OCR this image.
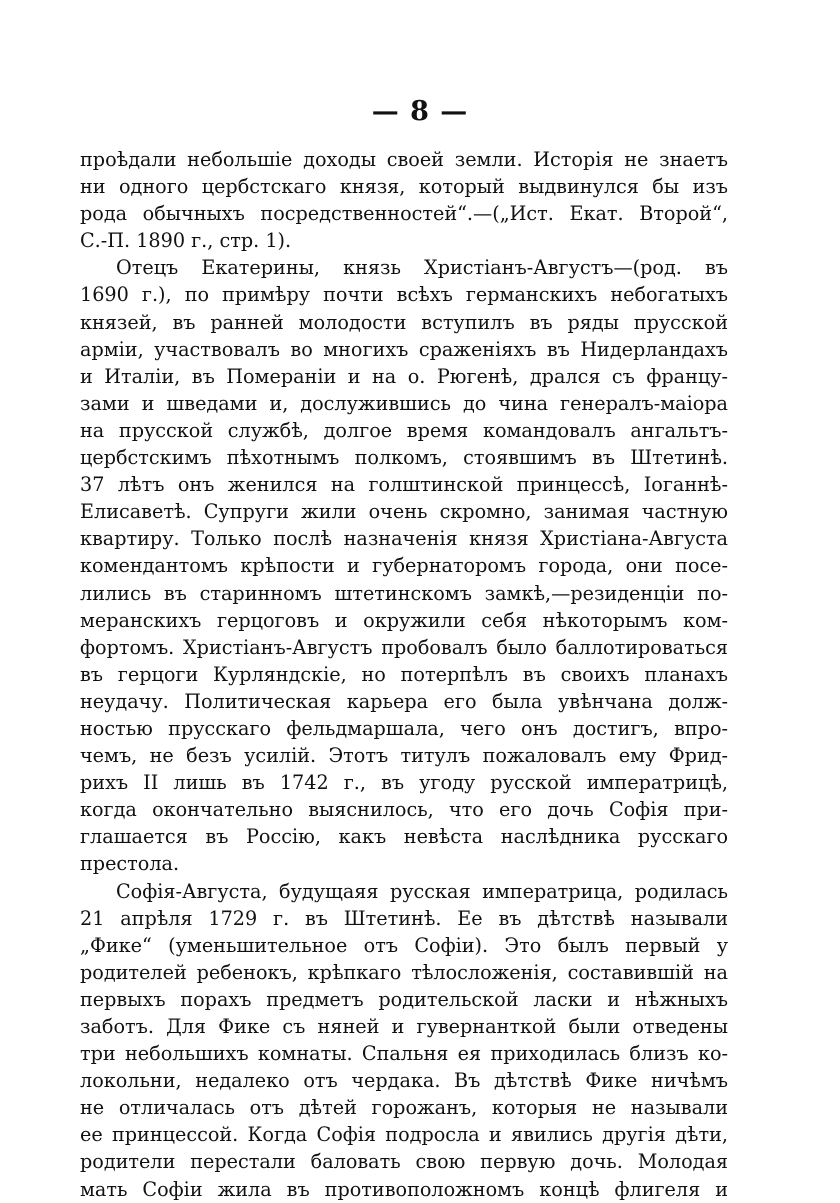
— 8 —
проѣдали небольшіе доходы своей земли. Исторія не знаетъ
ни одного цербстскаго князя, который выдвинулся бы изъ
рода обычныхъ посредственностей“.—(„Ист. Екат. Второй“,
С.-П. 1890 г., стр. 1).
Отецъ Екатерины, князь Христіанъ-Августъ—(род. въ
1690 г.), по примѣру почти всѣхъ германскихъ небогатыхъ
князей, въ ранней молодости вступилъ въ ряды прусской
арміи, участвовалъ во многихъ сраженіяхъ въ Нидерландахъ
и Италіи, въ Помераніи и на о. Рюгенѣ, дрался съ францу-
зами и шведами и, дослужившись до чина генералъ-маіора
на прусской службѣ, долгое время командовалъ ангальтъ-
цербстскимъ пѣхотнымъ полкомъ, стоявшимъ въ Штетинѣ.
37 лѣтъ онъ женился на голштинской принцессѣ, Іоганнѣ-
Елисаветѣ. Супруги жили очень скромно, занимая частную
квартиру. Только послѣ назначенія князя Христіана-Августа
комендантомъ крѣпости и губернаторомъ города, они посе-
лились въ старинномъ штетинскомъ замкѣ,—резиденціи по-
меранскихъ герцоговъ и окружили себя нѣкоторымъ ком-
фортомъ. Христіанъ-Августъ пробовалъ было баллотироваться
въ герцоги Курляндскіе, но потерпѣлъ въ своихъ планахъ
неудачу. Политическая карьера его была увѣнчана долж-
ностью прусскаго фельдмаршала, чего онъ достигъ, впро-
чемъ, не безъ усилій. Этотъ титулъ пожаловалъ ему Фрид-
рихъ II лишь въ 1742 г., въ угоду русской императрицѣ,
когда окончательно выяснилось, что его дочь Софія при-
глашается въ Россію, какъ невѣста наслѣдника русскаго
престола.
Софія-Августа, будущаяя русская императрица, родилась
21 апрѣля 1729 г. въ Штетинѣ. Ее въ дѣтствѣ называли
„Фике“ (уменьшительное отъ Софіи). Это былъ первый у
родителей ребенокъ, крѣпкаго тѣлосложенія, составившій на
первыхъ порахъ предметъ родительской ласки и нѣжныхъ
заботъ. Для Фике съ няней и гувернанткой были отведены
три небольшихъ комнаты. Спальня ея приходилась близъ ко-
локольни, недалеко отъ чердака. Въ дѣтствѣ Фике ничѣмъ
не отличалась отъ дѣтей горожанъ, которыя не называли
ее принцессой. Когда Софія подросла и явились другія дѣти,
родители перестали баловать свою первую дочь. Молодая
мать Софіи жила въ противоположномъ концѣ флигеля и
